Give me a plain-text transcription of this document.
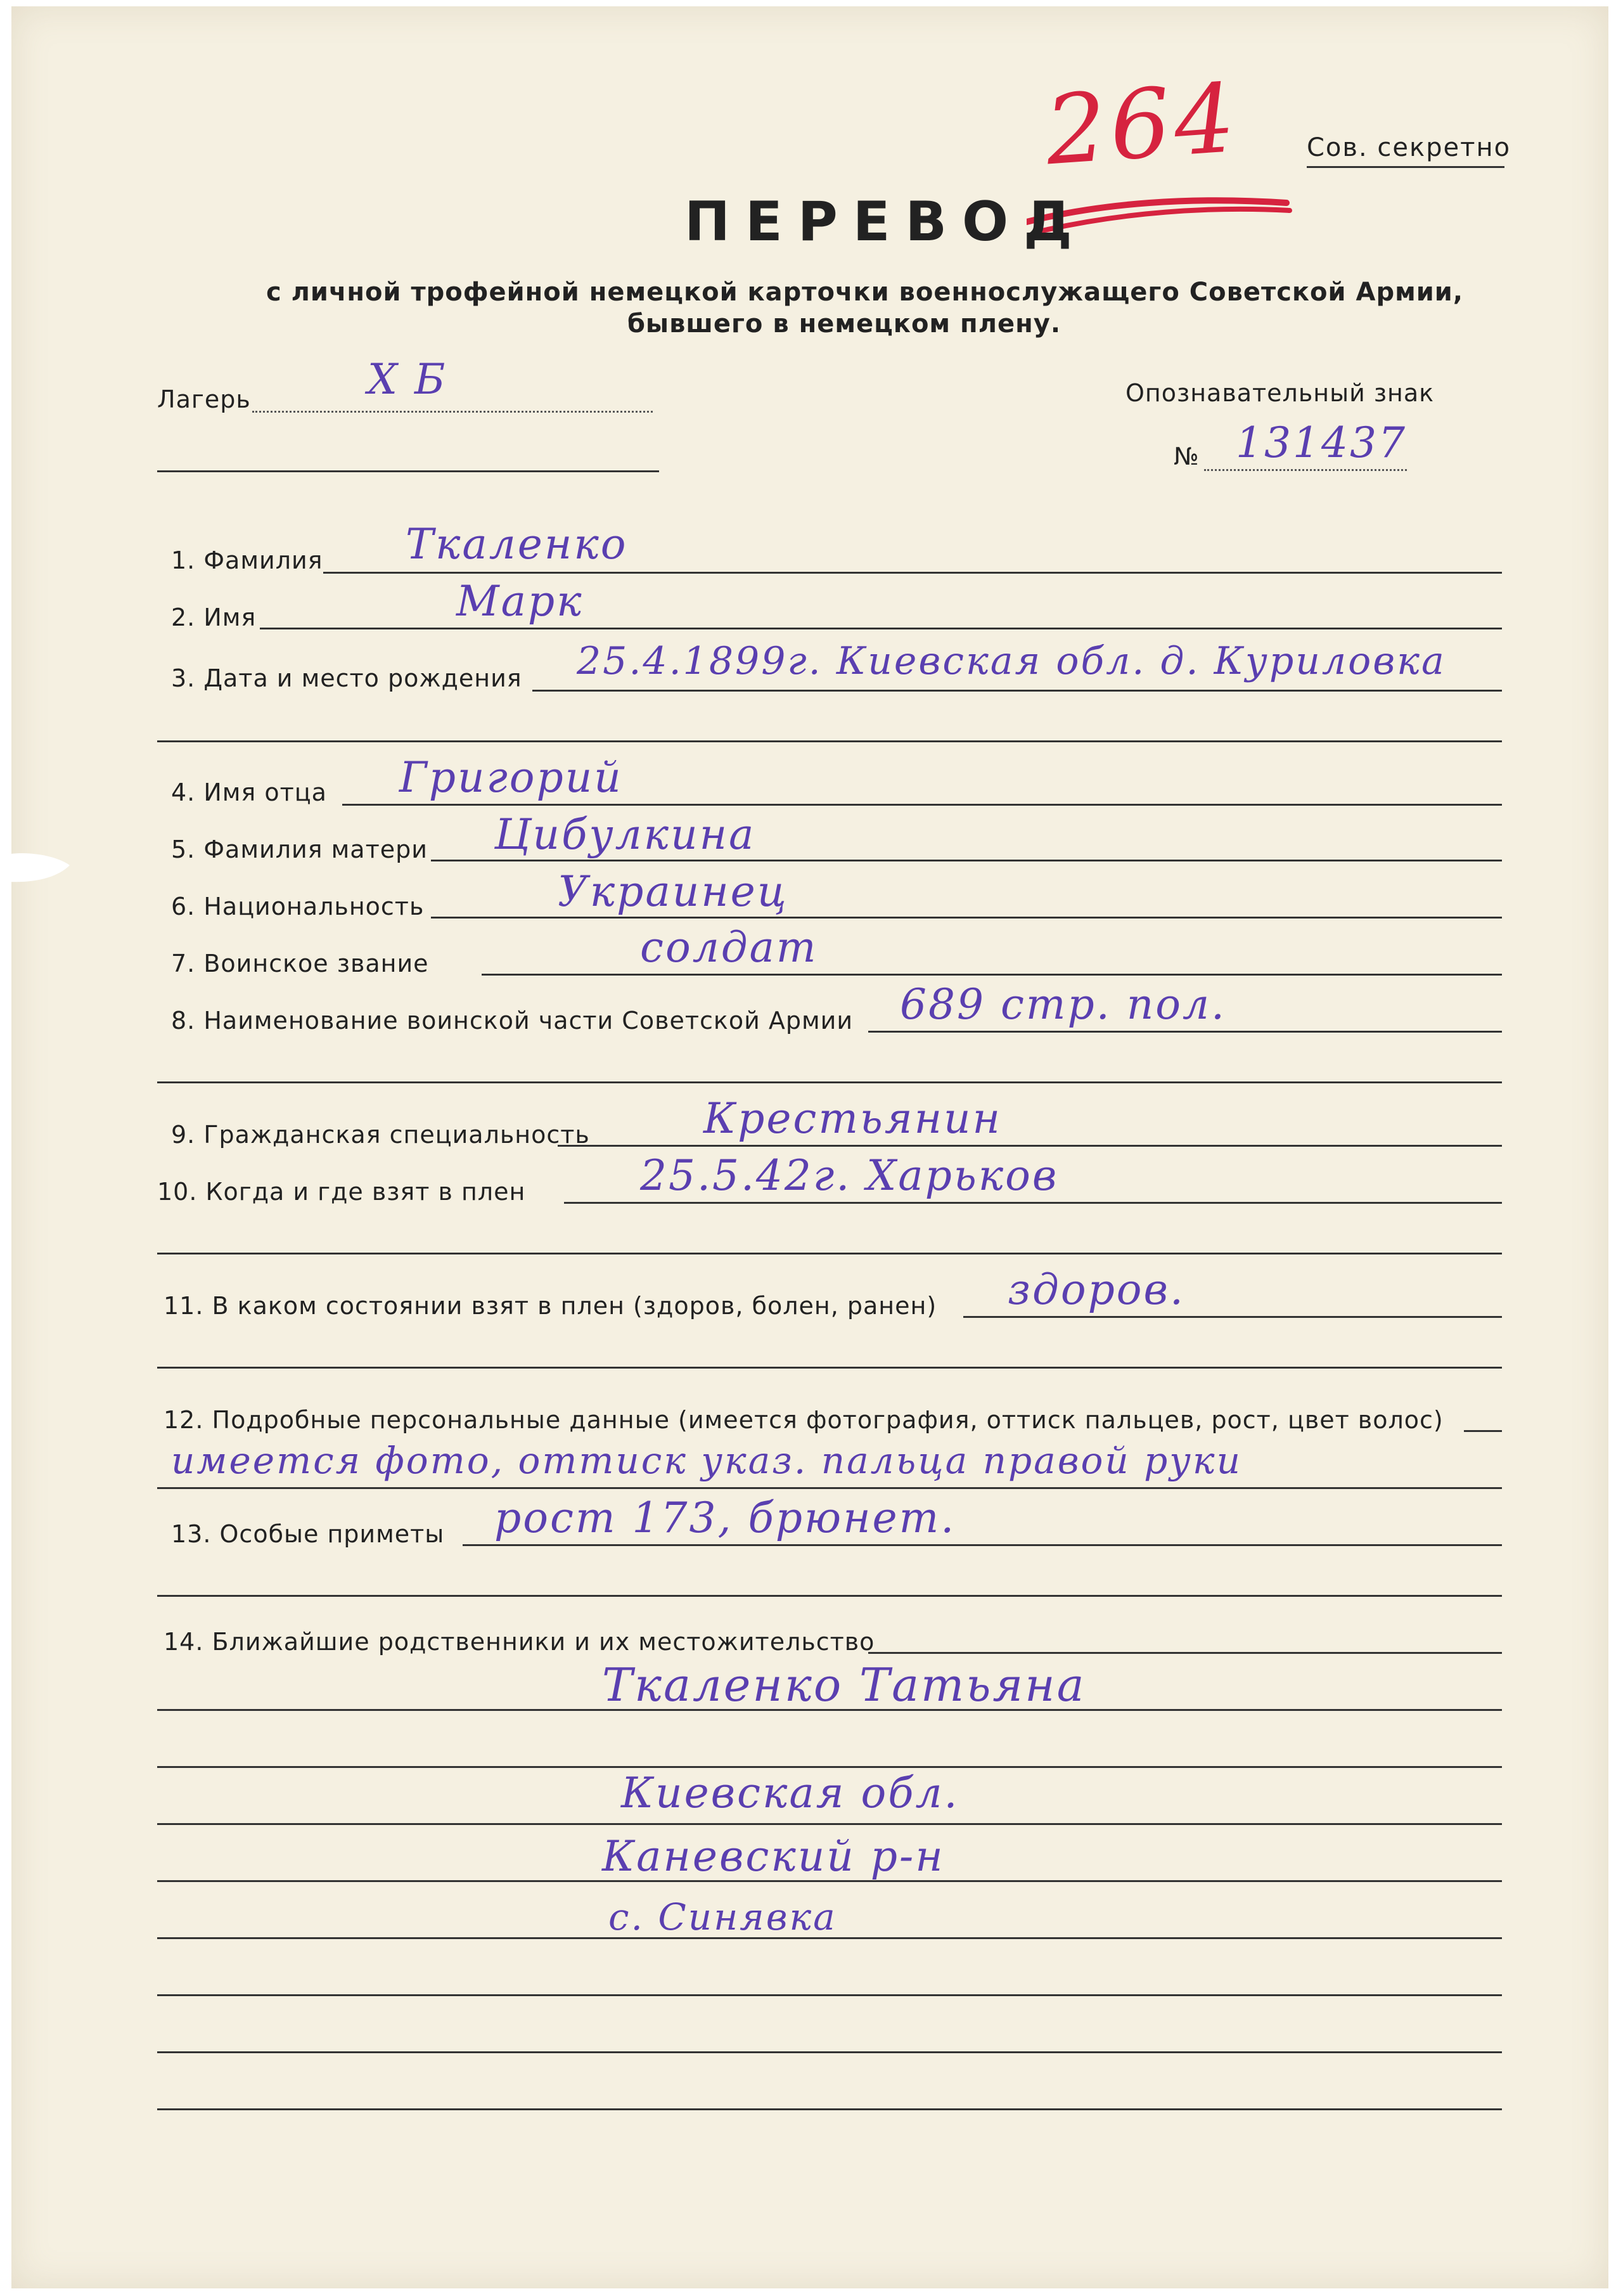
264	Сов. секретно
ПЕРЕВОД
с личной трофейной немецкой карточки военнослужащего Советской Армии,
бывшего в немецком плену.
Лагерь	X Б	Опознавательный знак
№ 131437
1. Фамилия Ткаленко
2. Имя	Марк
3. Дата и место рождения 25.4.1899г. Киевская обл. д. Куриловка
4. Имя отца Григорий
5. Фамилия матери Цибулкина
6. Национальность	Украинец
7. Воинское звание	солдат
8. Наименование воинской части Советской Армии 689 стр. пол.
9. Гражданская специальность	Крестьянин
10. Когда и где взят в плен	25.5.42г. Харьков
11. В каком состоянии взят в плен (здоров, болен, ранен) здоров.
12. Подробные персональные данные (имеется фотография, оттиск пальцев, рост, цвет волос)
имеется фото, оттиск указ. пальца правой руки
13. Особые приметы рост 173, брюнет.
14. Ближайшие родственники и их местожительство
Ткаленко Татьяна
Киевская обл.
Каневский р-н
с. Синявка
